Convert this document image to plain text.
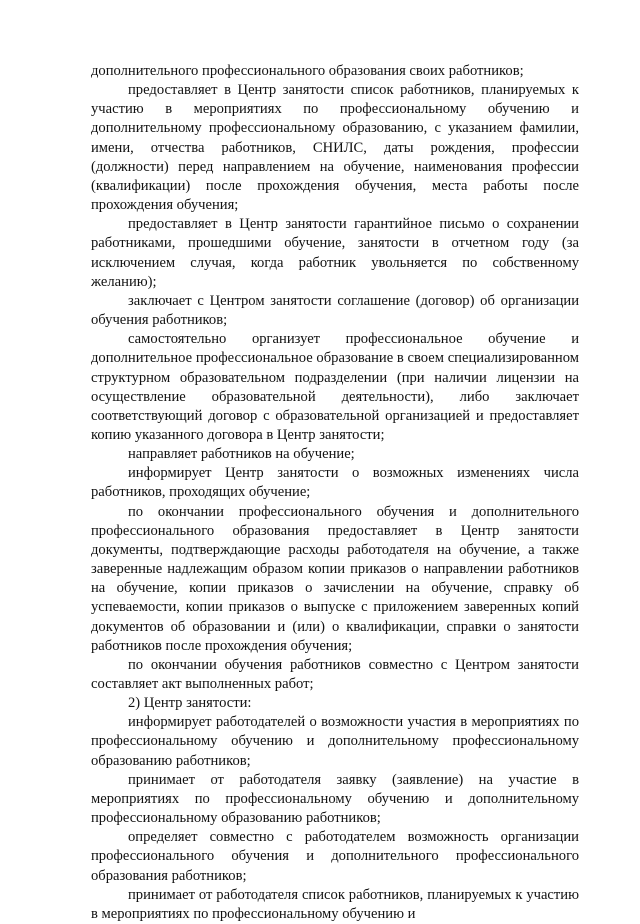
дополнительного профессионального образования своих работников;

предоставляет в Центр занятости список работников, планируемых к участию в мероприятиях по профессиональному обучению и дополнительному профессиональному образованию, с указанием фамилии, имени, отчества работников, СНИЛС, даты рождения, профессии (должности) перед направлением на обучение, наименования профессии (квалификации) после прохождения обучения, места работы после прохождения обучения;

предоставляет в Центр занятости гарантийное письмо о сохранении работниками, прошедшими обучение, занятости в отчетном году (за исключением случая, когда работник увольняется по собственному желанию);

заключает с Центром занятости соглашение (договор) об организации обучения работников;

самостоятельно организует профессиональное обучение и дополнительное профессиональное образование в своем специализированном структурном образовательном подразделении (при наличии лицензии на осуществление образовательной деятельности), либо заключает соответствующий договор с образовательной организацией и предоставляет копию указанного договора в Центр занятости;

направляет работников на обучение;

информирует Центр занятости о возможных изменениях числа работников, проходящих обучение;

по окончании профессионального обучения и дополнительного профессионального образования предоставляет в Центр занятости документы, подтверждающие расходы работодателя на обучение, а также заверенные надлежащим образом копии приказов о направлении работников на обучение, копии приказов о зачислении на обучение, справку об успеваемости, копии приказов о выпуске с приложением заверенных копий документов об образовании и (или) о квалификации, справки о занятости работников после прохождения обучения;

по окончании обучения работников совместно с Центром занятости составляет акт выполненных работ;

2) Центр занятости:

информирует работодателей о возможности участия в мероприятиях по профессиональному обучению и дополнительному профессиональному образованию работников;

принимает от работодателя заявку (заявление) на участие в мероприятиях по профессиональному обучению и дополнительному профессиональному образованию работников;

определяет совместно с работодателем возможность организации профессионального обучения и дополнительного профессионального образования работников;

принимает от работодателя список работников, планируемых к участию в мероприятиях по профессиональному обучению и
